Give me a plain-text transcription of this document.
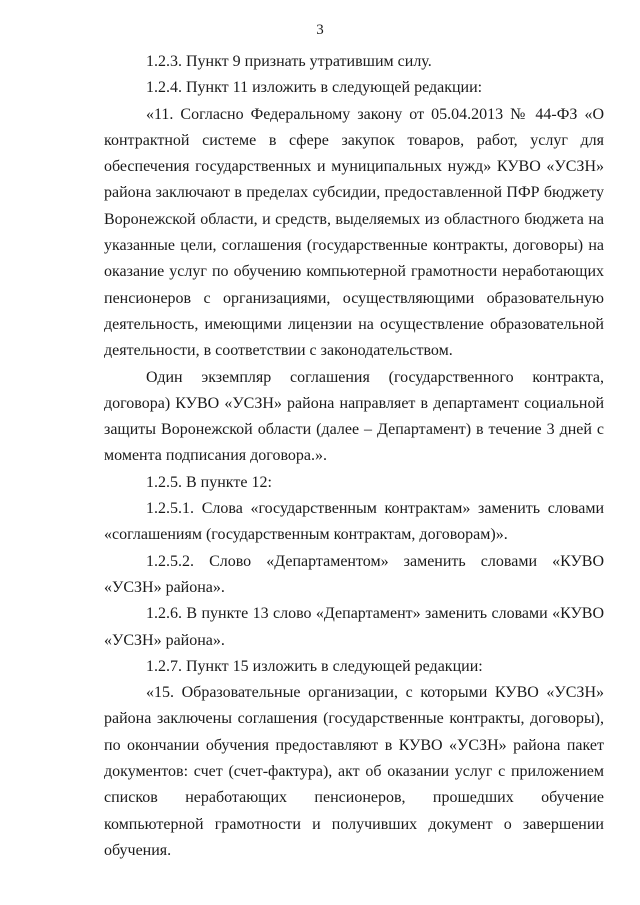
3

1.2.3. Пункт 9 признать утратившим силу.

1.2.4. Пункт 11 изложить в следующей редакции:

«11. Согласно Федеральному закону от 05.04.2013 № 44-ФЗ «О контрактной системе в сфере закупок товаров, работ, услуг для обеспечения государственных и муниципальных нужд» КУВО «УСЗН» района заключают в пределах субсидии, предоставленной ПФР бюджету Воронежской области, и средств, выделяемых из областного бюджета на указанные цели, соглашения (государственные контракты, договоры) на оказание услуг по обучению компьютерной грамотности неработающих пенсионеров с организациями, осуществляющими образовательную деятельность, имеющими лицензии на осуществление образовательной деятельности, в соответствии с законодательством.

Один экземпляр соглашения (государственного контракта, договора) КУВО «УСЗН» района направляет в департамент социальной защиты Воронежской области (далее – Департамент) в течение 3 дней с момента подписания договора.».

1.2.5. В пункте 12:

1.2.5.1. Слова «государственным контрактам» заменить словами «соглашениям (государственным контрактам, договорам)».

1.2.5.2. Слово «Департаментом» заменить словами «КУВО «УСЗН» района».

1.2.6. В пункте 13 слово «Департамент» заменить словами «КУВО «УСЗН» района».

1.2.7. Пункт 15 изложить в следующей редакции:

«15. Образовательные организации, с которыми КУВО «УСЗН» района заключены соглашения (государственные контракты, договоры), по окончании обучения предоставляют в КУВО «УСЗН» района пакет документов: счет (счет-фактура), акт об оказании услуг с приложением списков неработающих пенсионеров, прошедших обучение компьютерной грамотности и получивших документ о завершении обучения.
